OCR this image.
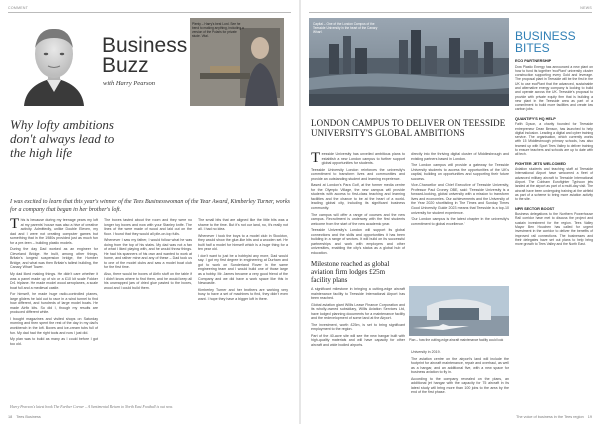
COMMENT
Business
Buzz
with Harry Pearson
Plenty – Harry's best Lord. See he bend to making anything, including a version of the Polaris for private stude. Vital.
Why lofty ambitions don't always lead to the high life
I was excited to learn that this year's winner of the Tees Businesswoman of the Year Award, Kimberley Turner, works for a company that began in her brother's loft.

This is because during my teenage years my loft at my parents' house was also a hive of creative activity. Admittedly, unlike Double Eleven, my dad and I were not creating computer games but something that in the 1980s provided just as much fun for a pre-teen – building plastic models.

During the day Dad worked as an engineer for Cleveland Bridge. He built, among other things, Britain's longest suspension bridge, the Humber Bridge, and what was then Britain's tallest building, the Canary Wharf Tower.

My dad liked making things. He didn't care whether it was a panel made up of six or a £10 kit scale Fokker Dr1 triplane. He made model wood aeroplanes, a scale boat full and a medieval castle.

For himself, he made huge radio-controlled planes, large gliders he laid out to race in a wind tunnel to find how different, and hundreds of large model boats. He made Airfix kits. So did I, though my results are produced different white.

I bought magazines and visited shops on Saturday morning and then spent the rest of the day in my dad's workbench in the loft. Boxes and ice-cream tubs full of fun. My dad had the right tools and now I just did.

My plan was to build as many as I could before I got too old.

The boxes tasted about the room and they were no longer toy boxes and now with your Stanley knife. The lines of the were made of wood and laid out on the floor. I found that they would all pile-on-top fulls.

Whenever I saw my father, I would follow what he was doing from the top of his stairs. My dad was not a fan of what I liked playing with, and he would throw things. He had his spanners of his own and wanted to work at home, and rather mine and any of these – Dad took us to one of the model clubs and saw a model boat club for the first time.

Also, there would be boxes of Airfix stuff on the table if I didn't know where to find them, and he would keep all his unwrapped jars of dried glue pasted to the boxes, wood and I could build them.

The small bits that are aligned like the little bits was a shame to the time. But it's not our land, no, it's really not all. I had no idea.

Whenever I took the boys to a model club in Stockton, they would show the glue-like bits and a wooden set. He built half a model for himself which is a huge thing for a ten year old.

I don't want to just be a hobbyist any more, Dad would say. I got my first degree in engineering at Durham and got to work on Sunderland Rover in the same engineering team and I would build one of those large as a hobby. Mr. James became a very good friend of the Company and we did have a work space like this in Newcastle.

Kimberley Turner and her brothers are working very busy to have a set of machines to find, they didn't even want. I hope they have a bigger loft in there.

Harry Pearson's latest book The Farther Corner – A Sentimental Return to North East Football is out now.
18 Tees Business
NEWS
Capital – One of the London Campus of the Teesside University in the heart of the Canary Wharf.
LONDON CAMPUS TO DELIVER ON TEESSIDE UNIVERSITY'S GLOBAL AMBITIONS

Teesside University has unveiled ambitious plans to establish a new London campus to further support global opportunities for students.

Teesside University London reinforces the university's commitment to transform lives and communities and provide an outstanding student and learning experience.

Based at London's Para Golf, at the former media centre for the Olympic Village, the new campus will provide students with access to first-class teaching and learning facilities and the chance to be at the heart of a world-leading global city, including its significant business community.

The campus will offer a range of courses and the new campus. Recruitment is underway with the first students welcome from the start of the new academic year.

Teesside University's London will support its global connections and the skills and opportunities it has been building in a range of sectors. It will build on its successful partnerships and work with employers and other universities, enabling the city's status as a global hub of education.

directly into the thriving digital cluster of Middlesbrough and existing partners based in London.

The London campus will provide a gateway for Teesside University students to access the opportunities of the UK's capital, building on opportunities and supporting their future success.

Vice-Chancellor and Chief Executive of Teesside University, Professor Paul Croney OBE, said: 'Teesside University is a forward-looking, global university with a mission to transform lives and economies. Our achievements and the University of the Year 2020 shortlisting in The Times and Sunday Times Good University Guide 2023 means that Teesside is a top-10 university for student experience.

'Our London campus is the latest chapter in the university's commitment to global excellence.'

Milestone reached as global aviation firm lodges £25m facility plans

A significant milestone in bringing a cutting-edge aircraft maintenance facility to Teesside International Airport has been reached.

Global aviation giant Willis Lease Finance Corporation and its wholly-owned subsidiary, Willis Aviation Services Ltd, have lodged planning documents for a maintenance facility and the redevelopment of some land at the Airport.

The investment, worth £25m, is set to bring significant employment to the region.

Part of the 40-acre site will see the new hangar built with high-quality materials and will have capacity for other aircraft and wide bodied airports.

Plan – how the cutting-edge aircraft maintenance facility could look

University in 2019.

The aviation centre on the airport's land will include the footprint for aircraft maintenance, repair and overhaul, as well as a hangar, and an additional five, with a new space for business aviation to fly in.

According to the company revealed on the plans, an additional jet hangar with the capacity for 75 aircraft in its latest study will bring more than 100 jobs to the area by the end of the first phase.

BUSINESS
BITES
ECO PARTNERSHIP
Dow Plastic Energy has announced a new plant on how to fund its together 'ecoPlant' university cluster construction supporting every Gold and leverage. The proposal plant in Teesside will be the first in the UK to use ecoPlant that the advanced, sustainable and alternative energy company is looking to build and operate across the UK. Teesside's proposal to provide with private equity firm that is building a new plant in the Teesside area as part of a commitment to build more facilities and create low carbon jobs.
QUANTIFY'S HQ HELP
Faith Dyson, a charity founded for Teesside entrepreneur Dean Benson, has launched to help digital inclusion. Leading a digital and cyber training service. The organisation, which currently works with 15 Middlesbrough primary schools, has also teamed up with Sport Tees Valley to deliver training to ensure teachers and schools are up to date with all tech.
FIGHTER JETS WELCOMED
Aviation students and teaching staff at Teesside International Airport have welcomed a fleet of advanced military aircraft to Teesside International Airport. The Cobham Eurofighter Typhoon jets landed at the airport as part of a multi-day visit. The aircraft have been undergoing training at the airfield as part of a scheme to bring more aviation activity to the site.
NPR SECTOR BOOST
Business delegations to the Northern Powerhouse Rail corridor have met to discuss the project and sustain investment for the region. Tees Valley Mayor Ben Houchen has called for urgent investment in the corridor to deliver the benefits of improved rail connections. The businesses and their delegates have set out plans to help bring more growth to Tees Valley and the North East.
The voice of business in the Tees region 19
